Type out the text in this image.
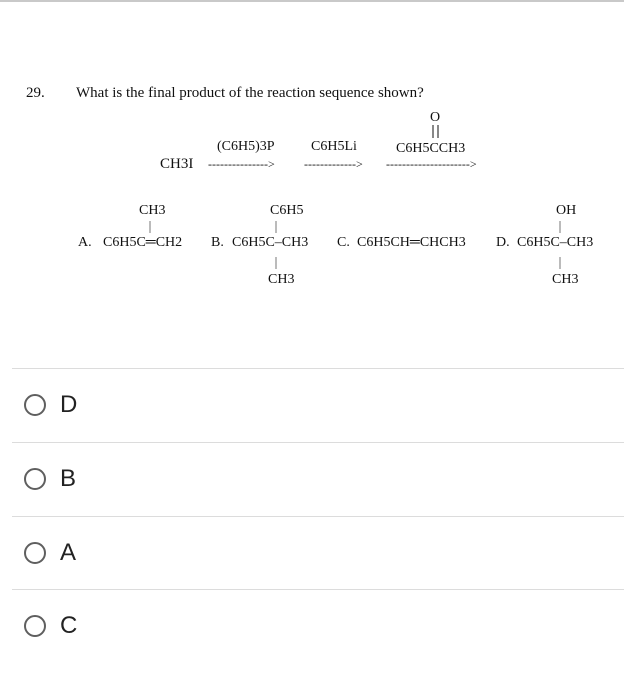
29. What is the final product of the reaction sequence shown?
CH3I --------------->
(C6H5)3P
------------->
C6H5Li
--------------------->
O
C6H5CCH3
CH3
A. C6H5C═CH2
C6H5
B. C6H5C–CH3
CH3
C. C6H5CH═CHCH3
OH
D. C6H5C–CH3
CH3
D
B
A
C
